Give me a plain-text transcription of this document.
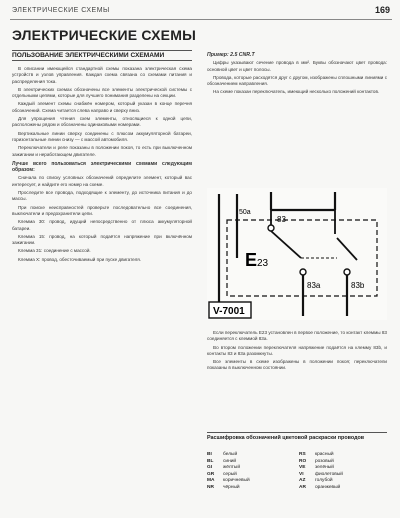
ЭЛЕКТРИЧЕСКИЕ СХЕМЫ	169
ЭЛЕКТРИЧЕСКИЕ СХЕМЫ
ПОЛЬЗОВАНИЕ ЭЛЕКТРИЧЕСКИМИ СХЕМАМИ

В описании имеющейся стандартной схемы показана электрическая схема устройств и узлов управления. Каждая схема связана со схемами питания и распределения тока.

В электрических схемах обозначены все элементы электрической системы с отдельными цепями, которые для лучшего понимания разделены на секции.

Каждый элемент схемы снабжён номером, который указан в конце перечня обозначений. Схема читается слева направо и сверху вниз.

Для упрощения чтения схем элементы, относящиеся к одной цепи, расположены рядом и обозначены одинаковыми номерами.

Вертикальные линии сверху соединены с плюсом аккумуляторной батареи, горизонтальные линии снизу — с массой автомобиля.

Переключатели и реле показаны в положении покоя, то есть при выключенном зажигании и неработающем двигателе.

Лучше всего пользоваться электрическими схемами следующим образом:

Сначала по списку условных обозначений определите элемент, который вас интересует, и найдите его номер на схеме.

Проследите все провода, подходящие к элементу, до источника питания и до массы.

При поиске неисправностей проверьте последовательно все соединения, выключатели и предохранители цепи.

Клемма 30: провод, идущий непосредственно от плюса аккумуляторной батареи.

Клемма 15: провод, на который подаётся напряжение при включённом зажигании.

Клемма 31: соединение с массой.

Клемма X: провод, обесточиваемый при пуске двигателя.

Пример: 2.5 CNR.T

Цифры указывают сечение провода в мм². Буквы обозначают цвет провода: основной цвет и цвет полосы.

Провода, которые расходятся друг с другом, изображены сплошными линиями с обозначением направления.

На схеме показан переключатель, имеющий несколько положений контактов.

E 23
83
83a	83b
50a
V-7001

Если переключатель E23 установлен в первое положение, то контакт клеммы 83 соединяется с клеммой 83a.

Во втором положении переключателя напряжение подаётся на клемму 83b, и контакты 83 и 83a разомкнуты.

Все элементы в схеме изображены в положении покоя; переключатели показаны в выключенном состоянии.

Расшифровка обозначений цветовой раскраски проводов
BI белый
BL синий
GI жёлтый
GR серый
MA коричневый
NR чёрный
RS красный
RO розовый
VE зелёный
VI фиолетовый
AZ голубой
AR оранжевый
